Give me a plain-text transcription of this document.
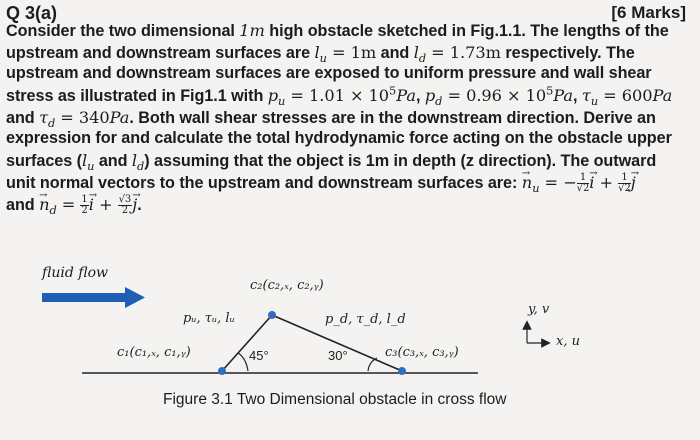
Q 3(a)	[6 Marks]
Consider the two dimensional 1m high obstacle sketched in Fig.1.1. The lengths of the
upstream and downstream surfaces are $l_u = 1m$ and $l_d = 1.73m$ respectively. The
upstream and downstream surfaces are exposed to uniform pressure and wall shear
stress as illustrated in Fig1.1 with $p_u = 1.01 \times 10^5Pa$, $p_d = 0.96 \times 10^5Pa$, $\tau_u = 600Pa$
and $\tau_d = 340Pa$. Both wall shear stresses are in the downstream direction. Derive an
expression for and calculate the total hydrodynamic force acting on the obstacle upper
surfaces ($l_u$ and $l_d$) assuming that the object is 1m in depth (z direction). The outward
unit normal vectors to the upstream and downstream surfaces are: → $n_u$ = − $\frac{1}{√2}$
→ $i + \frac{1}{√2}$
→ j
and → $n_d = \frac{1}{2}$
→ $i + \frac{√3}{2}$
→ j.
fluid flow
c₂(c₂,ₓ, c₂,ᵧ)
pᵤ, τᵤ, lᵤ	p_d, τ_d, l_d
c₁(c₁,ₓ, c₁,ᵧ)	45°	30°	c₃(c₃,ₓ, c₃,ᵧ)
y, v
x, u
Figure 3.1 Two Dimensional obstacle in cross flow
